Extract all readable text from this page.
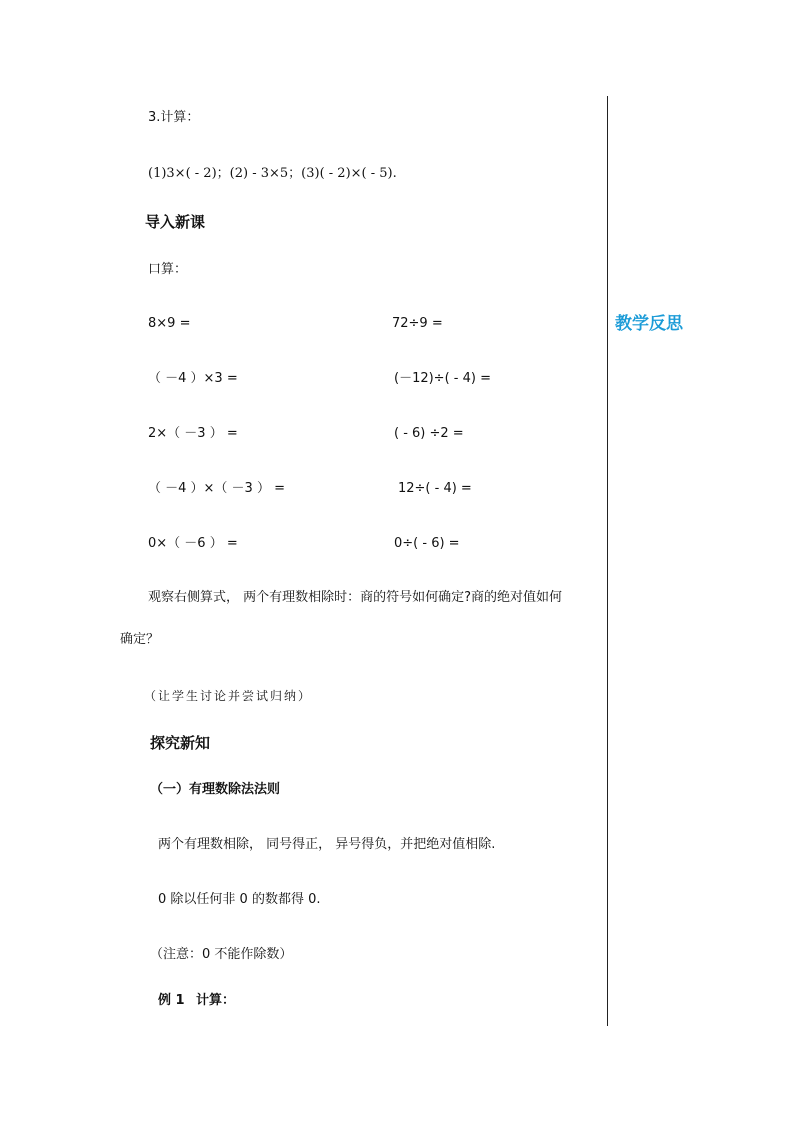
教学反思
3.计算：
(1)3×( - 2)；(2) - 3×5；(3)( - 2)×( - 5).
导入新课
口算：
8×9 =
（ －4 ）×3 =
2×（ －3 ） =
（ －4 ）×（ －3 ） =
0×（ －6 ） =
72÷9 =
(－12)÷( - 4) =
( - 6) ÷2 =
12÷( - 4) =
0÷( - 6) =
观察右侧算式， 两个有理数相除时：商的符号如何确定?商的绝对值如何
确定？
（让学生讨论并尝试归纳）
探究新知
（一）有理数除法法则
两个有理数相除， 同号得正， 异号得负，并把绝对值相除.
0 除以任何非 0 的数都得 0.
（注意：0 不能作除数）
例 1 计算：
